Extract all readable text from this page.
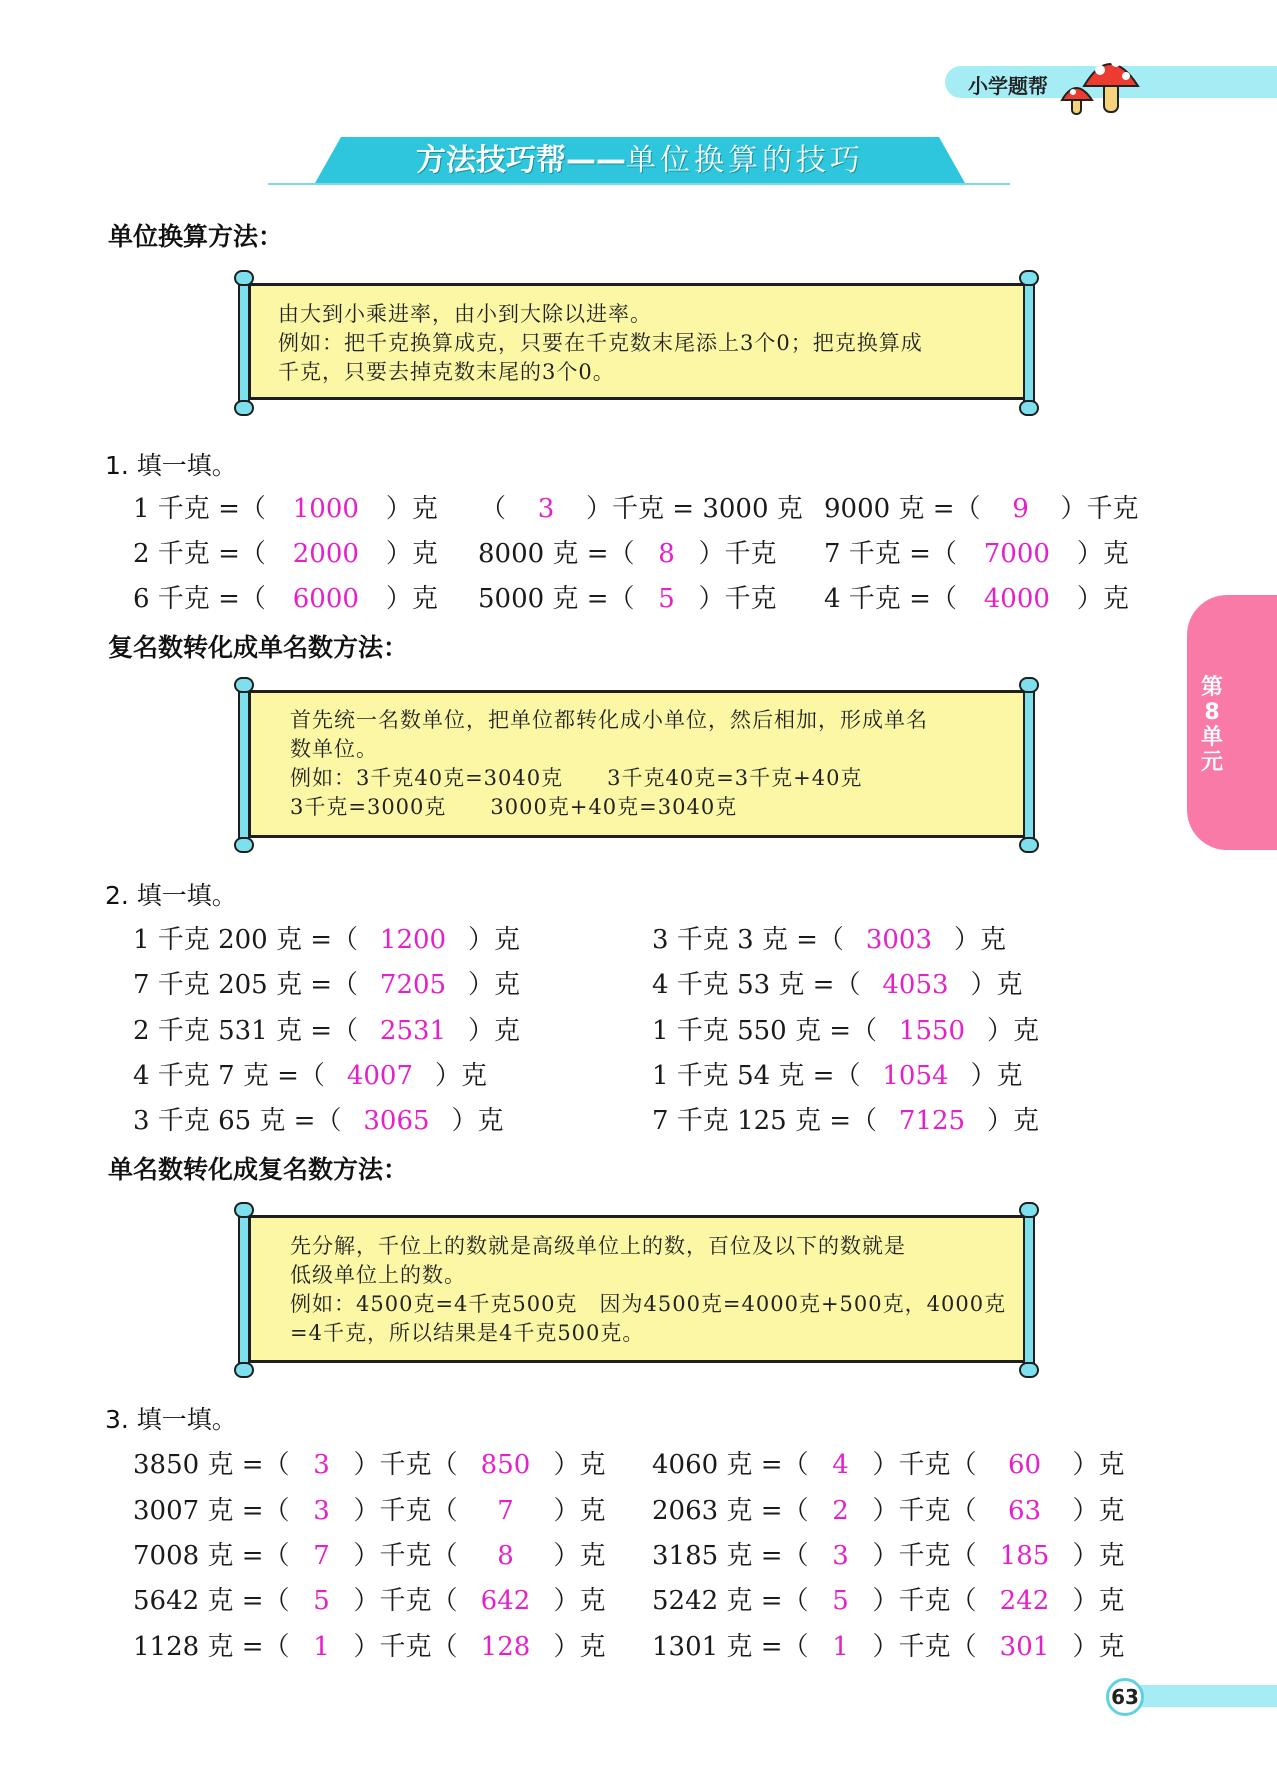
小学题帮
方法技巧帮——单位换算的技巧
单位换算方法：
由大到小乘进率，由小到大除以进率。
例如：把千克换算成克，只要在千克数末尾添上3个0；把克换算成
千克，只要去掉克数末尾的3个0。
1. 填一填。
1 千克 =（ 1000 ）克 （ 3 ）千克 = 3000 克 9000 克 =（ 9 ）千克
2 千克 =（ 2000 ）克 8000 克 =（ 8 ）千克 7 千克 =（ 7000 ）克
6 千克 =（ 6000 ）克 5000 克 =（ 5 ）千克 4 千克 =（ 4000 ）克
复名数转化成单名数方法：
首先统一名数单位，把单位都转化成小单位，然后相加，形成单名
数单位。
例如：3千克40克=3040克　　3千克40克=3千克+40克
3千克=3000克　　3000克+40克=3040克
2. 填一填。
1 千克 200 克 =（ 1200 ）克
7 千克 205 克 =（ 7205 ）克
2 千克 531 克 =（ 2531 ）克
4 千克 7 克 =（ 4007 ）克
3 千克 65 克 =（ 3065 ）克
3 千克 3 克 =（ 3003 ）克
4 千克 53 克 =（ 4053 ）克
1 千克 550 克 =（ 1550 ）克
1 千克 54 克 =（ 1054 ）克
7 千克 125 克 =（ 7125 ）克
单名数转化成复名数方法：
先分解，千位上的数就是高级单位上的数，百位及以下的数就是
低级单位上的数。
例如：4500克=4千克500克　因为4500克=4000克+500克，4000克
=4千克，所以结果是4千克500克。
3. 填一填。
3850 克 =（ 3 ）千克（ 850 ）克
3007 克 =（ 3 ）千克（ 7 ）克
7008 克 =（ 7 ）千克（ 8 ）克
5642 克 =（ 5 ）千克（ 642 ）克
1128 克 =（ 1 ）千克（ 128 ）克
4060 克 =（ 4 ）千克（ 60 ）克
2063 克 =（ 2 ）千克（ 63 ）克
3185 克 =（ 3 ）千克（ 185 ）克
5242 克 =（ 5 ）千克（ 242 ）克
1301 克 =（ 1 ）千克（ 301 ）克
第
8
单
元
63
